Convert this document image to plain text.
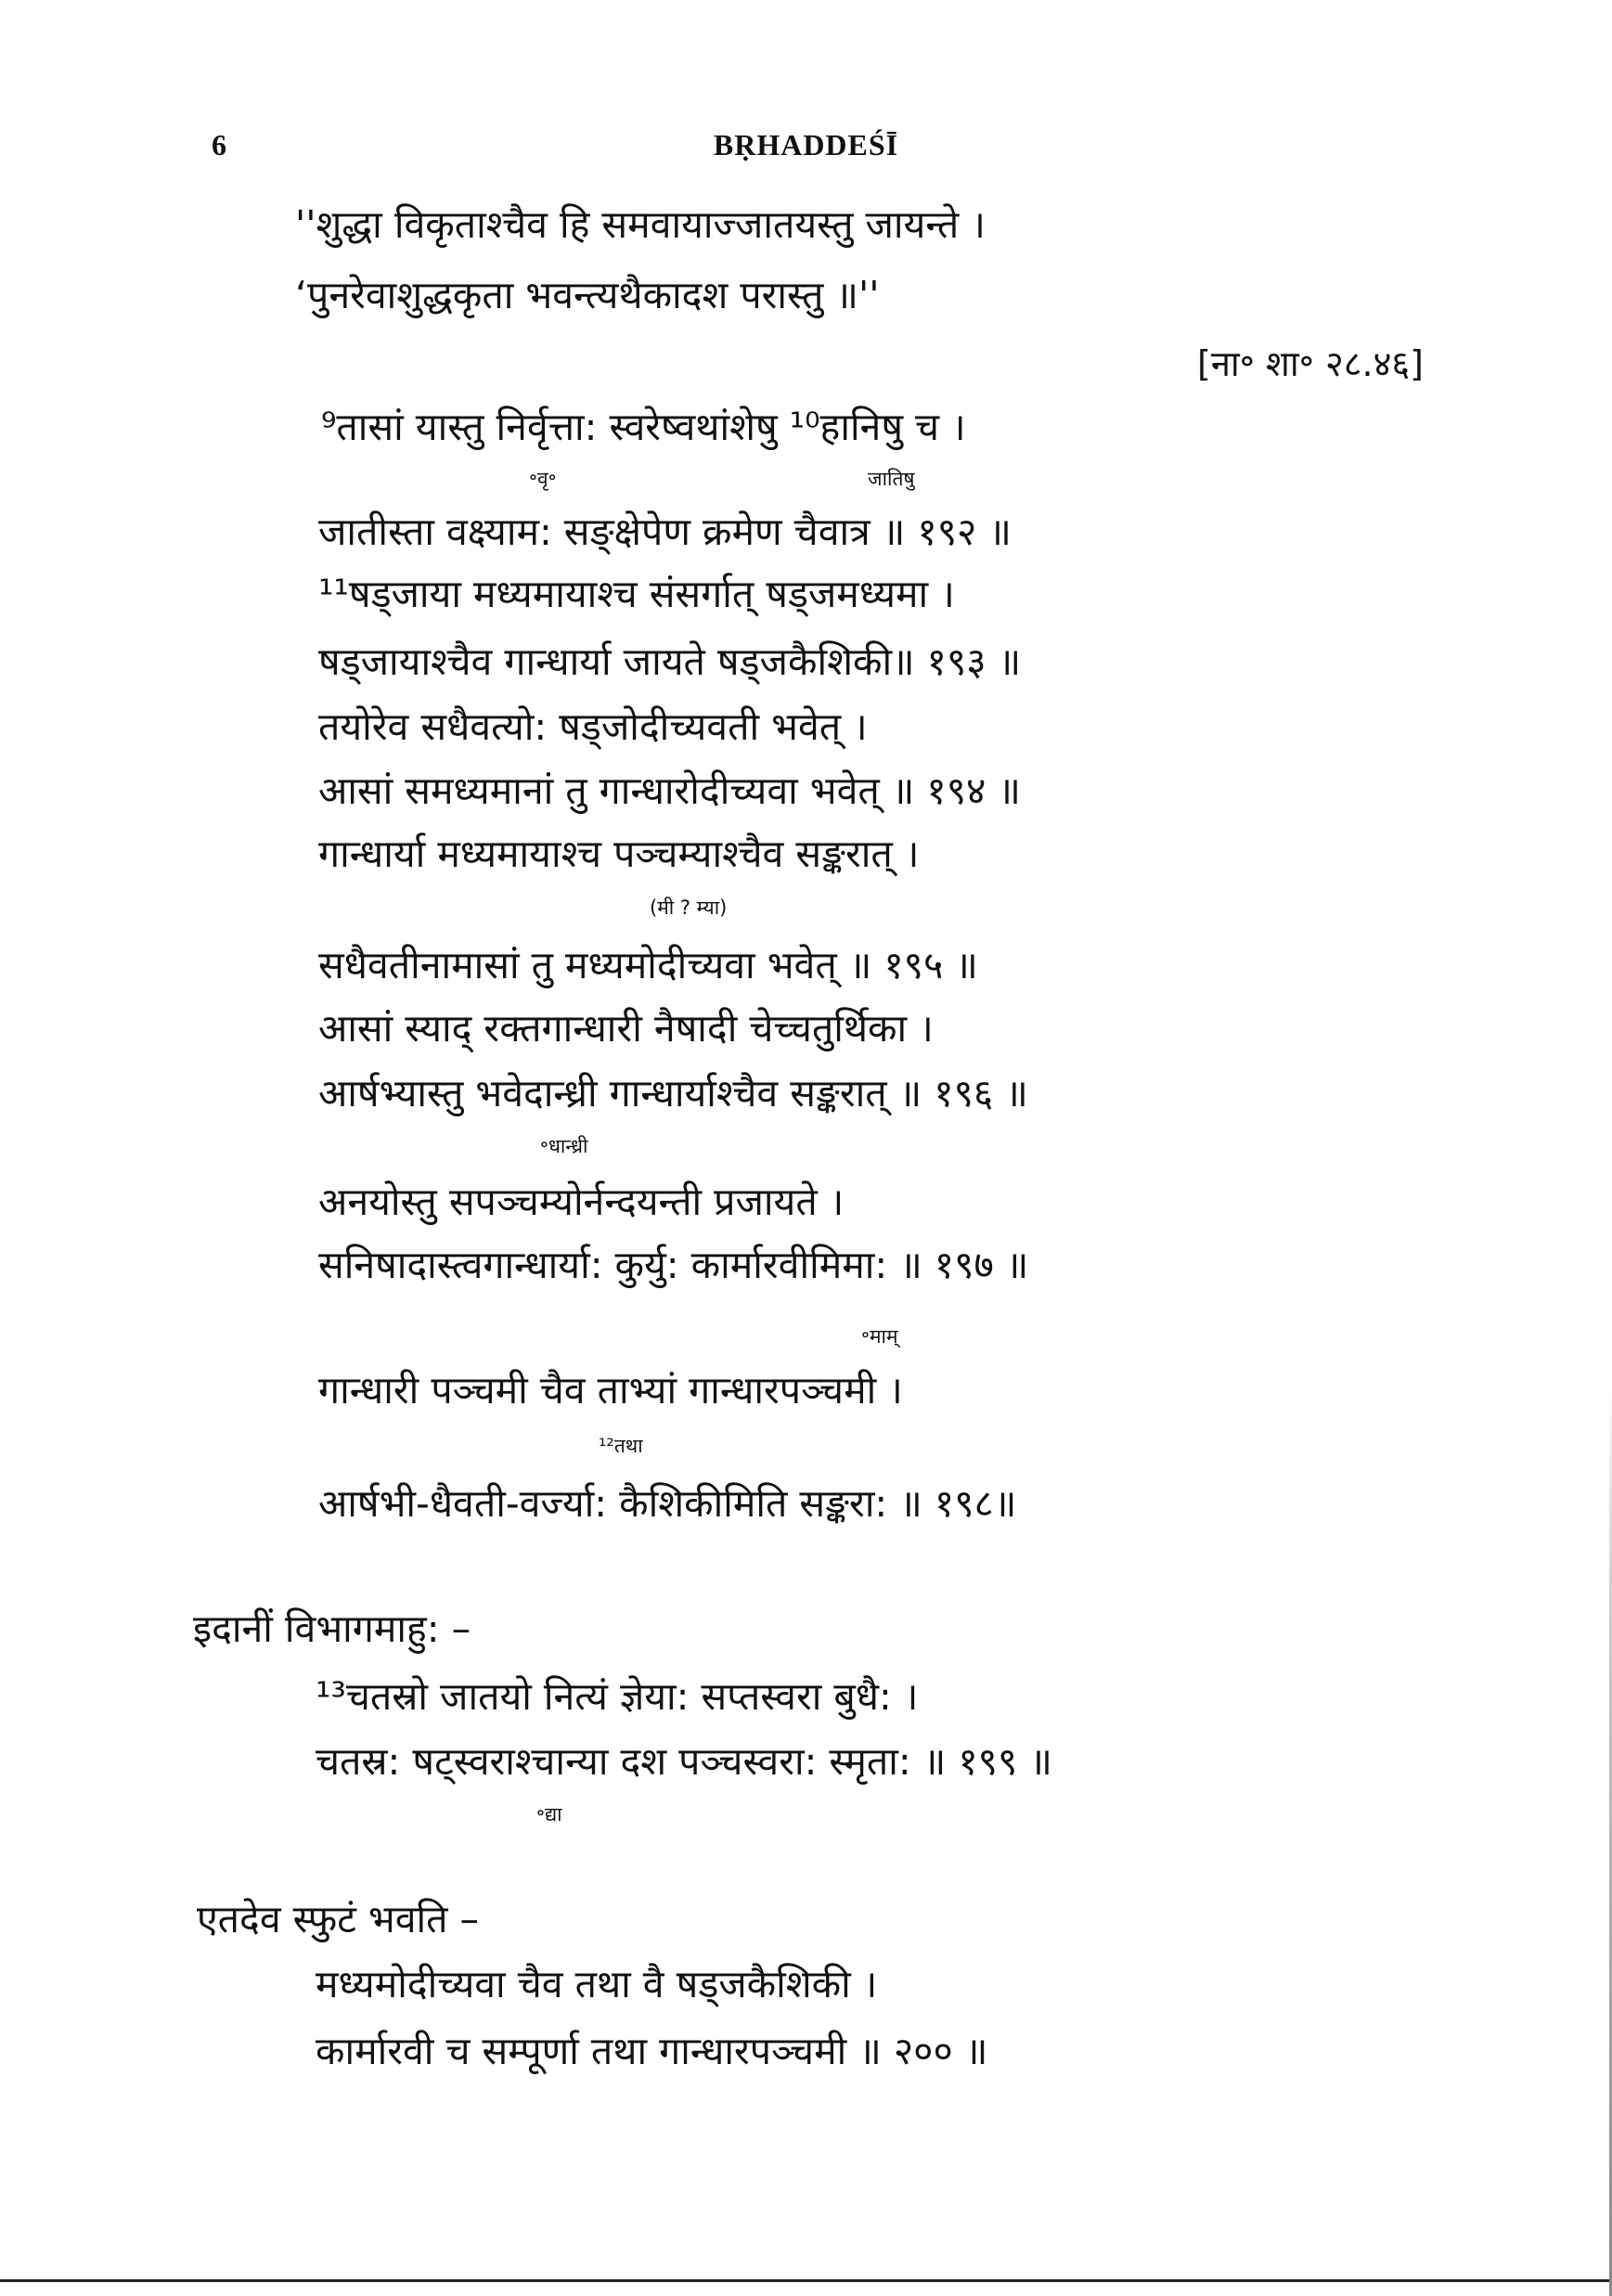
6	BṚHADDEŚĪ
[ना॰ शा॰ २८.४६]
''शुद्धा विकृताश्चैव हि समवायाज्जातयस्तु जायन्ते ।
‘पुनरेवाशुद्धकृता भवन्त्यथैकादश परास्तु ॥''
⁹तासां यास्तु निर्वृत्ता: स्वरेष्वथांशेषु ¹⁰हानिषु च ।
॰वृ॰	जातिषु
जातीस्ता वक्ष्याम: सङ्क्षेपेण क्रमेण चैवात्र ॥ १९२ ॥
¹¹षड्जाया मध्यमायाश्च संसर्गात् षड्जमध्यमा ।
षड्जायाश्चैव गान्धार्या जायते षड्जकैशिकी॥ १९३ ॥
तयोरेव सधैवत्यो: षड्जोदीच्यवती भवेत् ।
आसां समध्यमानां तु गान्धारोदीच्यवा भवेत् ॥ १९४ ॥
गान्धार्या मध्यमायाश्च पञ्चम्याश्चैव सङ्करात् ।
(मी ? म्या)
सधैवतीनामासां तु मध्यमोदीच्यवा भवेत् ॥ १९५ ॥
आसां स्याद् रक्तगान्धारी नैषादी चेच्चतुर्थिका ।
आर्षभ्यास्तु भवेदान्ध्री गान्धार्याश्चैव सङ्करात् ॥ १९६ ॥
॰धान्ध्री
अनयोस्तु सपञ्चम्योर्नन्दयन्ती प्रजायते ।
सनिषादास्त्वगान्धार्या: कुर्यु: कार्मारवीमिमा: ॥ १९७ ॥
॰माम्
गान्धारी पञ्चमी चैव ताभ्यां गान्धारपञ्चमी ।
¹²तथा
आर्षभी-धैवती-वर्ज्या: कैशिकीमिति सङ्करा: ॥ १९८॥
इदानीं विभागमाहु: –
¹³चतस्रो जातयो नित्यं ज्ञेया: सप्तस्वरा बुधै: ।
चतस्र: षट्स्वराश्चान्या दश पञ्चस्वरा: स्मृता: ॥ १९९ ॥
॰द्या
एतदेव स्फुटं भवति –
मध्यमोदीच्यवा चैव तथा वै षड्जकैशिकी ।
कार्मारवी च सम्पूर्णा तथा गान्धारपञ्चमी ॥ २०० ॥
